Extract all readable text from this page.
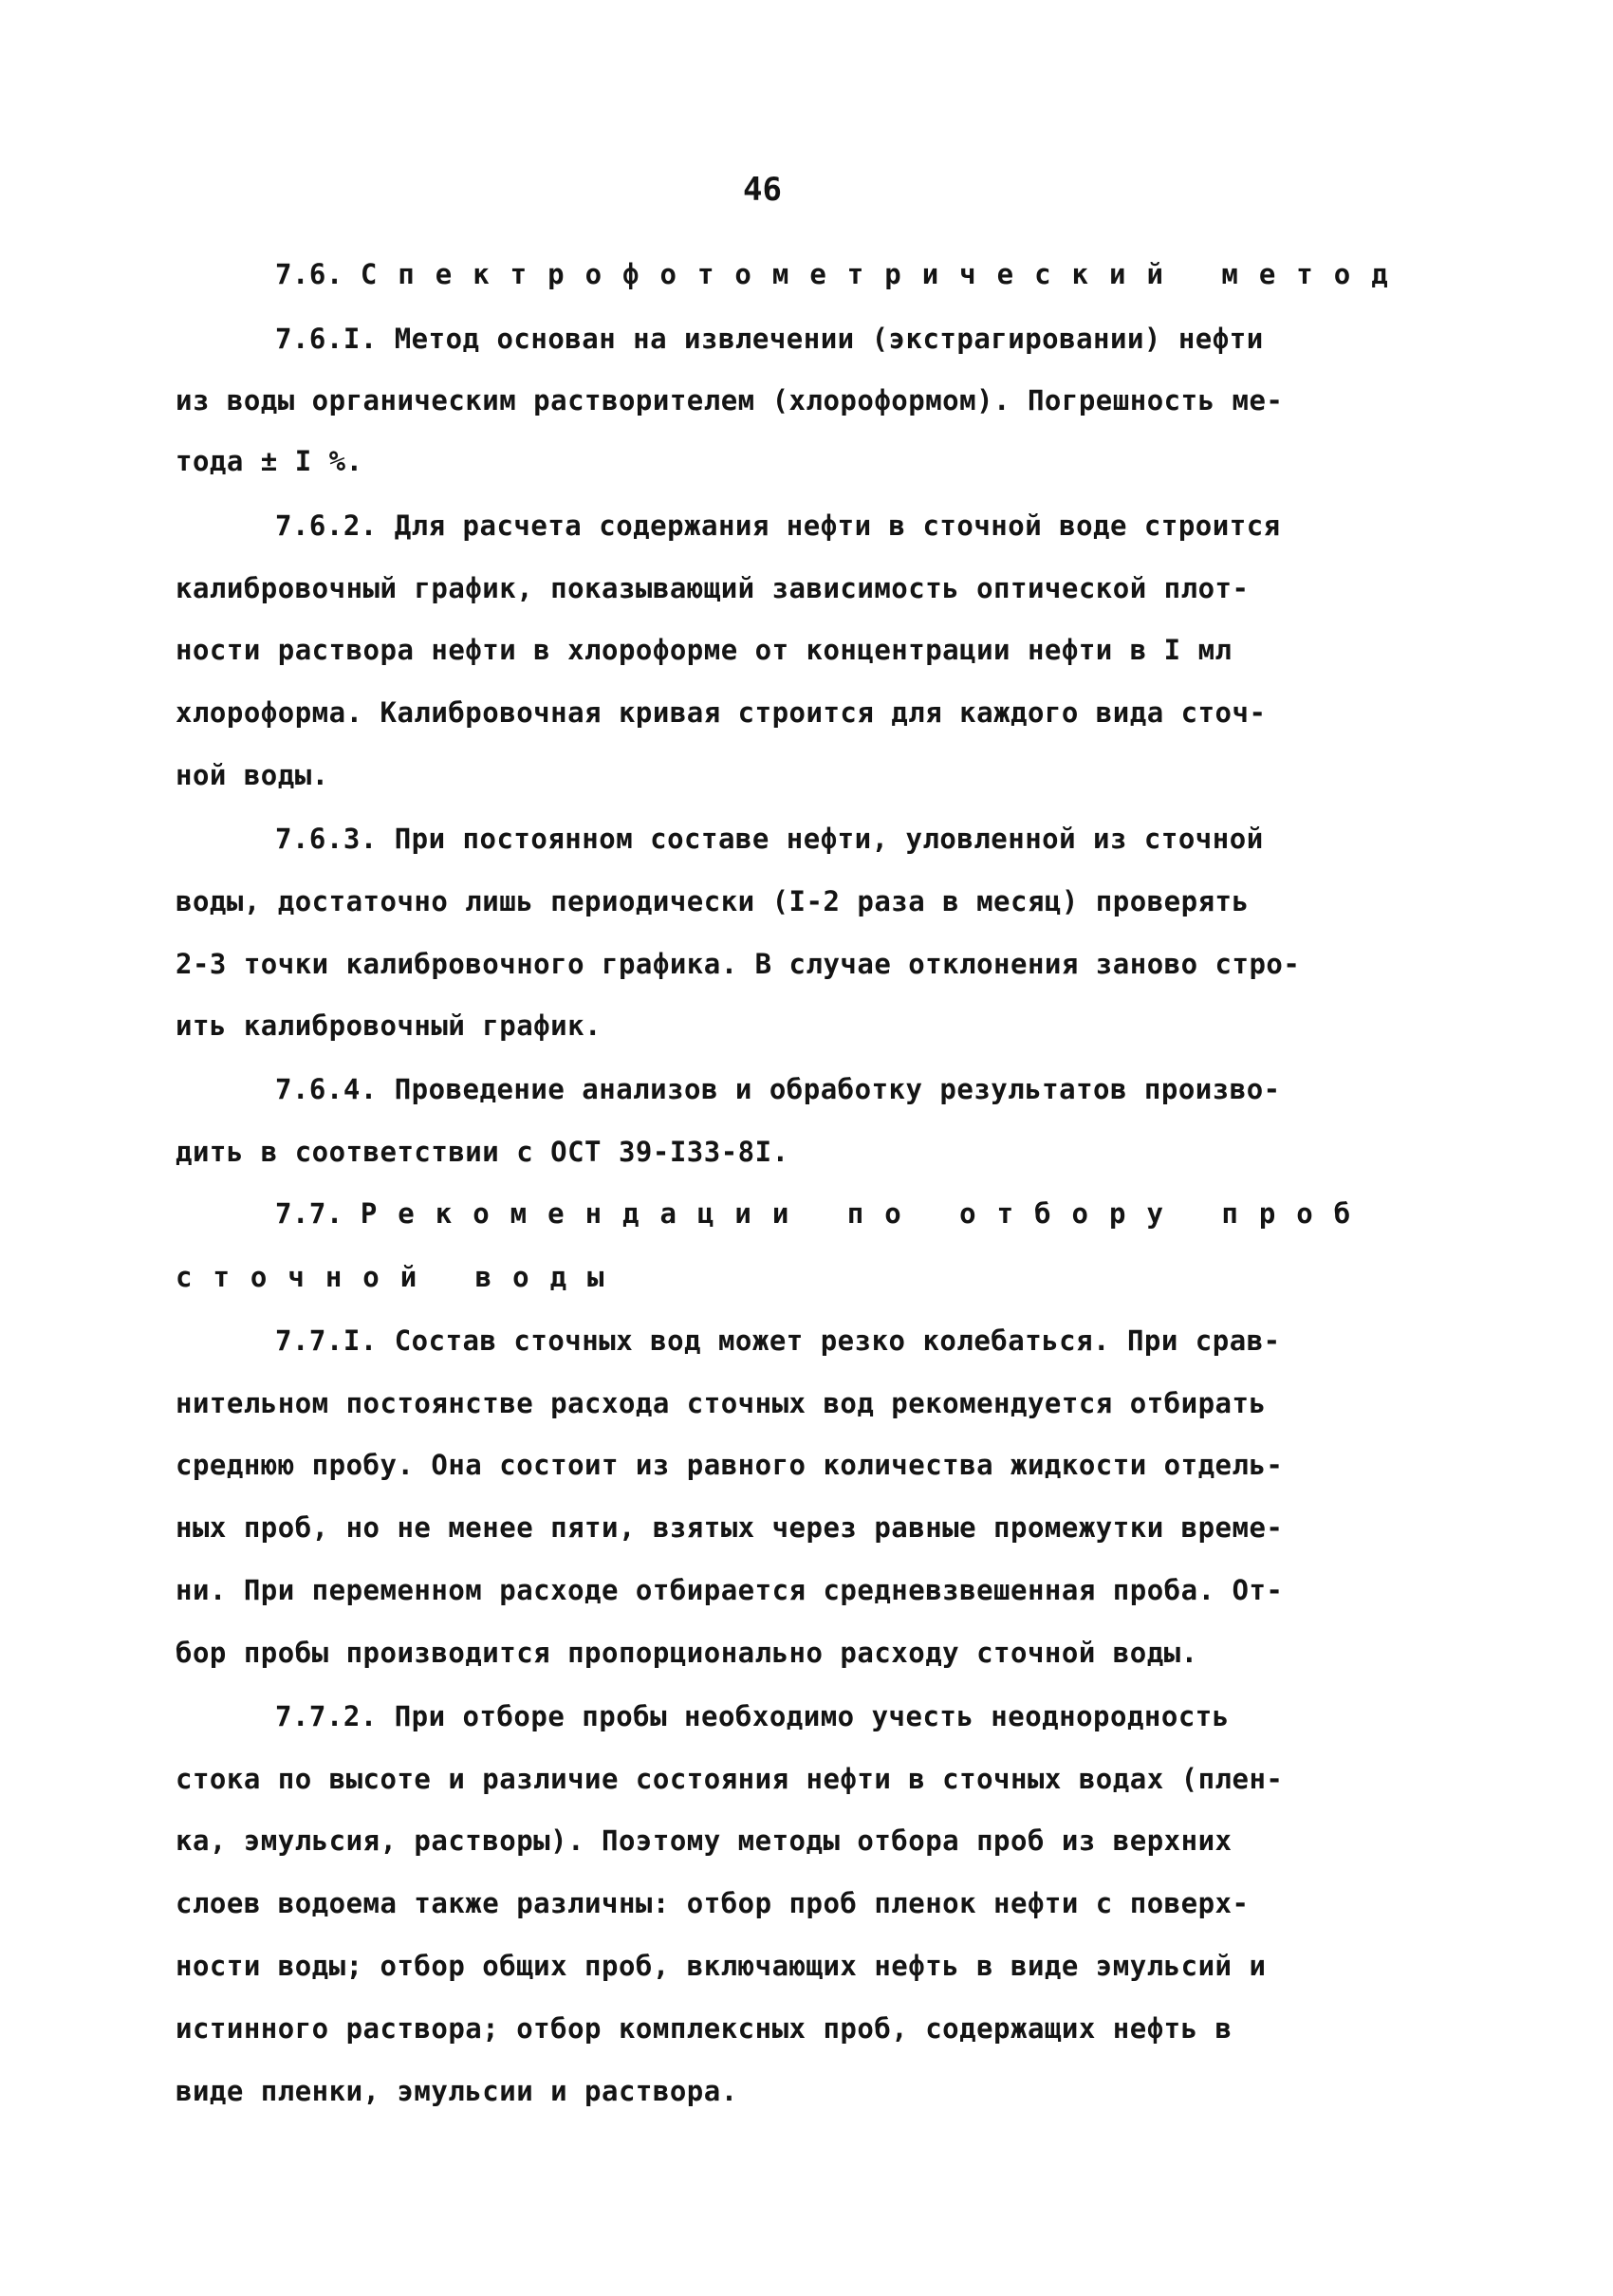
46
7.6. Спектрофотометрический метод
7.6.I. Метод основан на извлечении (экстрагировании) нефти
из воды органическим растворителем (хлороформом). Погрешность ме-
тода ± I %.
7.6.2. Для расчета содержания нефти в сточной воде строится
калибровочный график, показывающий зависимость оптической плот-
ности раствора нефти в хлороформе от концентрации нефти в I мл
хлороформа. Калибровочная кривая строится для каждого вида сточ-
ной воды.
7.6.3. При постоянном составе нефти, уловленной из сточной
воды, достаточно лишь периодически (I-2 раза в месяц) проверять
2-3 точки калибровочного графика. В случае отклонения заново стро-
ить калибровочный график.
7.6.4. Проведение анализов и обработку результатов произво-
дить в соответствии с ОСТ 39-I33-8I.
7.7. Рекомендации по отбору проб
сточной воды
7.7.I. Состав сточных вод может резко колебаться. При срав-
нительном постоянстве расхода сточных вод рекомендуется отбирать
среднюю пробу. Она состоит из равного количества жидкости отдель-
ных проб, но не менее пяти, взятых через равные промежутки време-
ни. При переменном расходе отбирается средневзвешенная проба. От-
бор пробы производится пропорционально расходу сточной воды.
7.7.2. При отборе пробы необходимо учесть неоднородность
стока по высоте и различие состояния нефти в сточных водах (плен-
ка, эмульсия, растворы). Поэтому методы отбора проб из верхних
слоев водоема также различны: отбор проб пленок нефти с поверх-
ности воды; отбор общих проб, включающих нефть в виде эмульсий и
истинного раствора; отбор комплексных проб, содержащих нефть в
виде пленки, эмульсии и раствора.
